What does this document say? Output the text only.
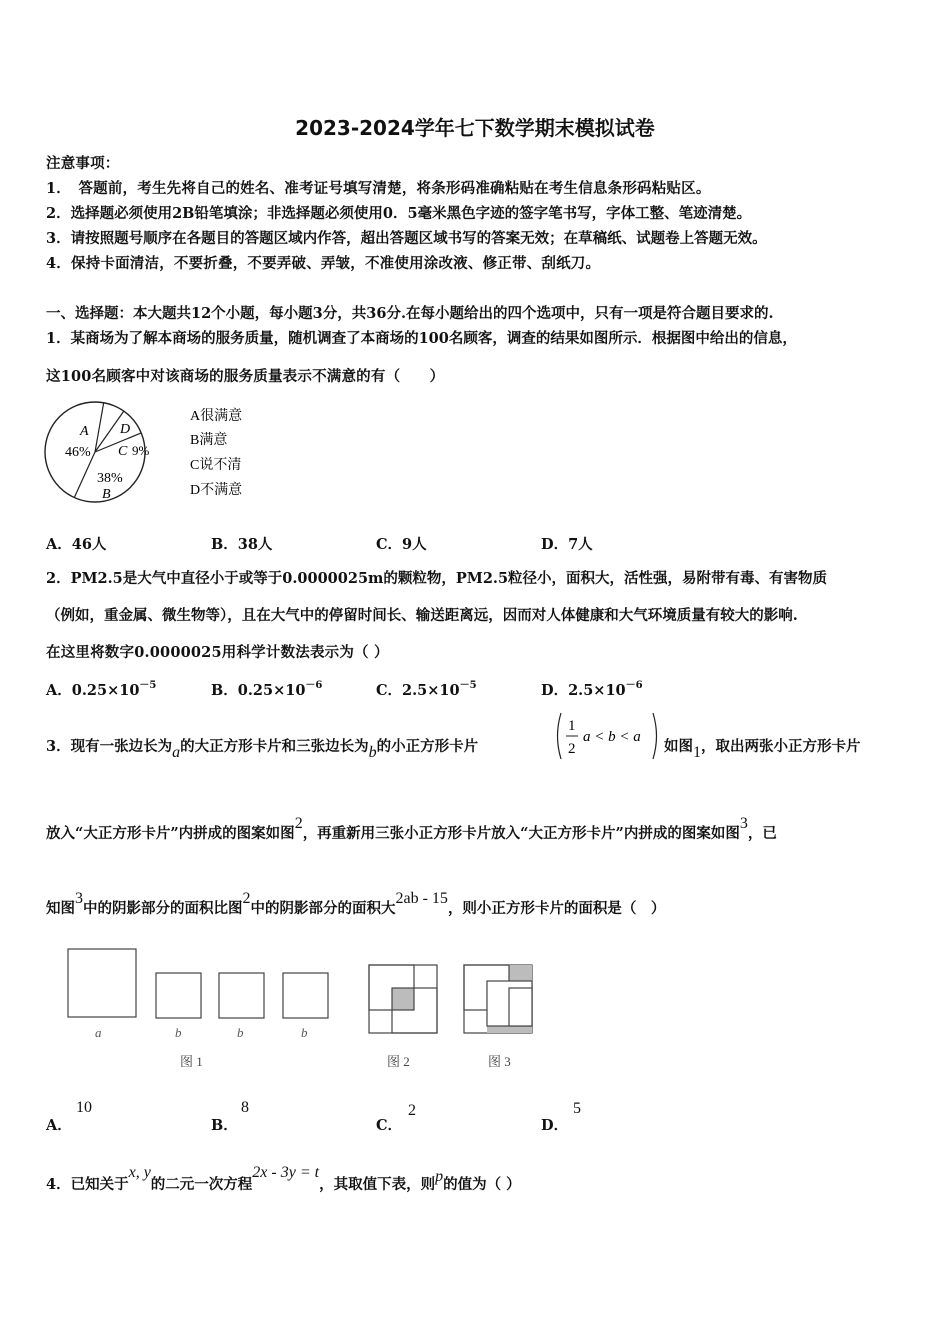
2023-2024学年七下数学期末模拟试卷
注意事项：
1．　答题前，考生先将自己的姓名、准考证号填写清楚，将条形码准确粘贴在考生信息条形码粘贴区。
2．选择题必须使用2B铅笔填涂；非选择题必须使用0．5毫米黑色字迹的签字笔书写，字体工整、笔迹清楚。
3．请按照题号顺序在各题目的答题区域内作答，超出答题区域书写的答案无效；在草稿纸、试题卷上答题无效。
4．保持卡面清洁，不要折叠，不要弄破、弄皱，不准使用涂改液、修正带、刮纸刀。
一、选择题：本大题共12个小题，每小题3分，共36分.在每小题给出的四个选项中，只有一项是符合题目要求的.
1．某商场为了解本商场的服务质量，随机调查了本商场的100名顾客，调查的结果如图所示．根据图中给出的信息，
这100名顾客中对该商场的服务质量表示不满意的有（　　）
A
46%
D
C 9%
38%
B
A很满意
B满意
C说不清
D不满意
A．46人	B．38人	C．9人	D．7人
2．PM2.5是大气中直径小于或等于0.0000025m的颗粒物，PM2.5粒径小，面积大，活性强，易附带有毒、有害物质
（例如，重金属、微生物等），且在大气中的停留时间长、输送距离远，因而对人体健康和大气环境质量有较大的影响.
在这里将数字0.0000025用科学计数法表示为（ ）
A．$0.25\times 10^{-5}$	B．$0.25\times 10^{-6}$	C．$2.5\times 10^{-5}$	D．$2.5\times 10^{-6}$
3．现有一张边长为a的大正方形卡片和三张边长为b的小正方形卡片
1
2
a < b < a
如图1，取出两张小正方形卡片
放入“大正方形卡片”内拼成的图案如图2，再重新用三张小正方形卡片放入“大正方形卡片”内拼成的图案如图3，已
知图3中的阴影部分的面积比图2中的阴影部分的面积大2ab - 15，则小正方形卡片的面积是（　）
a	b	b	b
图 1	图 2	图 3
A．
10
B．
8
C．
2
D．
5
4．已知关于x, y的二元一次方程2x - 3y = t，其取值下表，则p的值为（ ）
